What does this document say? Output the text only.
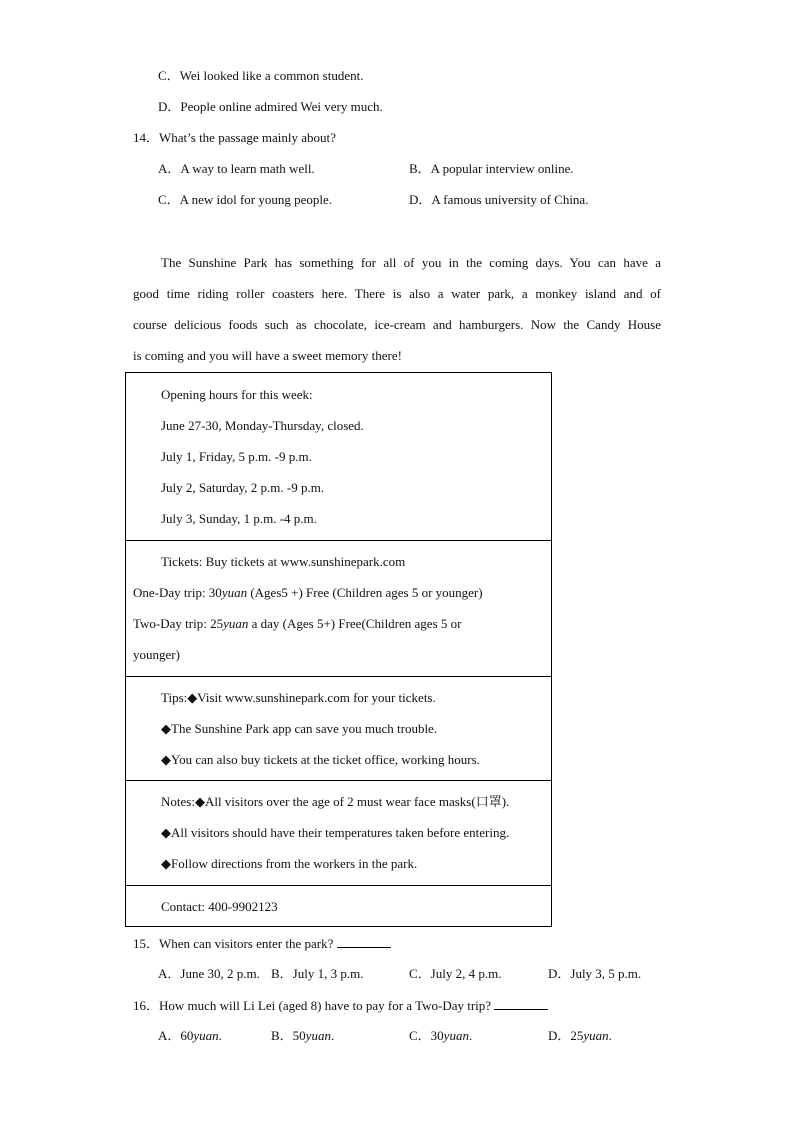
C．Wei looked like a common student.
D．People online admired Wei very much.
14．What’s the passage mainly about?
A．A way to learn math well.	B．A popular interview online.
C．A new idol for young people.	D．A famous university of China.
The Sunshine Park has something for all of you in the coming days. You can have a
good time riding roller coasters here. There is also a water park, a monkey island and of
course delicious foods such as chocolate, ice-cream and hamburgers. Now the Candy House
is coming and you will have a sweet memory there!
Opening hours for this week:
June 27-30, Monday-Thursday, closed.
July 1, Friday, 5 p.m. -9 p.m.
July 2, Saturday, 2 p.m. -9 p.m.
July 3, Sunday, 1 p.m. -4 p.m.
Tickets: Buy tickets at www.sunshinepark.com
One-Day trip: 30yuan (Ages5 +) Free (Children ages 5 or younger)
Two-Day trip: 25yuan a day (Ages 5+) Free(Children ages 5 or
younger)
Tips:◆Visit www.sunshinepark.com for your tickets.
◆The Sunshine Park app can save you much trouble.
◆You can also buy tickets at the ticket office, working hours.
Notes:◆All visitors over the age of 2 must wear face masks(口罩).
◆All visitors should have their temperatures taken before entering.
◆Follow directions from the workers in the park.
Contact: 400-9902123
15．When can visitors enter the park?
A．June 30, 2 p.m. B．July 1, 3 p.m.	C．July 2, 4 p.m.	D．July 3, 5 p.m.
16．How much will Li Lei (aged 8) have to pay for a Two-Day trip?
A．60yuan.	B．50yuan.	C．30yuan.	D．25yuan.
